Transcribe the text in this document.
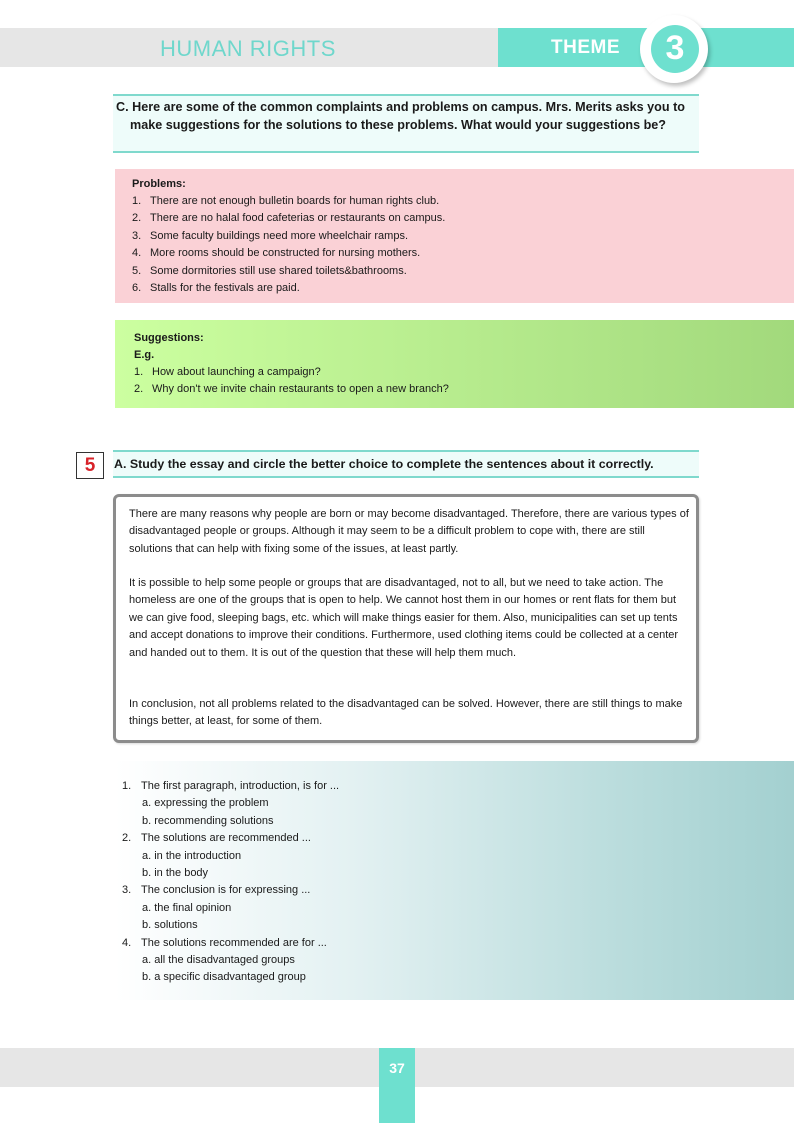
HUMAN RIGHTS	THEME	3
C. Here are some of the common complaints and problems on campus. Mrs. Merits asks you to make suggestions for the solutions to these problems. What would your suggestions be?
Problems:
1. There are not enough bulletin boards for human rights club.
2. There are no halal food cafeterias or restaurants on campus.
3. Some faculty buildings need more wheelchair ramps.
4. More rooms should be constructed for nursing mothers.
5. Some dormitories still use shared toilets&bathrooms.
6. Stalls for the festivals are paid.
Suggestions:
E.g.
1. How about launching a campaign?
2. Why don't we invite chain restaurants to open a new branch?
5	A. Study the essay and circle the better choice to complete the sentences about it correctly.

There are many reasons why people are born or may become disadvantaged. Therefore, there are various types of disadvantaged people or groups. Although it may seem to be a difficult problem to cope with, there are still solutions that can help with fixing some of the issues, at least partly.

It is possible to help some people or groups that are disadvantaged, not to all, but we need to take action. The homeless are one of the groups that is open to help. We cannot host them in our homes or rent flats for them but we can give food, sleeping bags, etc. which will make things easier for them. Also, municipalities can set up tents and accept donations to improve their conditions. Furthermore, used clothing items could be collected at a center and handed out to them. It is out of the question that these will help them much.

In conclusion, not all problems related to the disadvantaged can be solved. However, there are still things to make things better, at least, for some of them.

1. The first paragraph, introduction, is for ...
a. expressing the problem
b. recommending solutions
2. The solutions are recommended ...
a. in the introduction
b. in the body
3. The conclusion is for expressing ...
a. the final opinion
b. solutions
4. The solutions recommended are for ...
a. all the disadvantaged groups
b. a specific disadvantaged group
37
